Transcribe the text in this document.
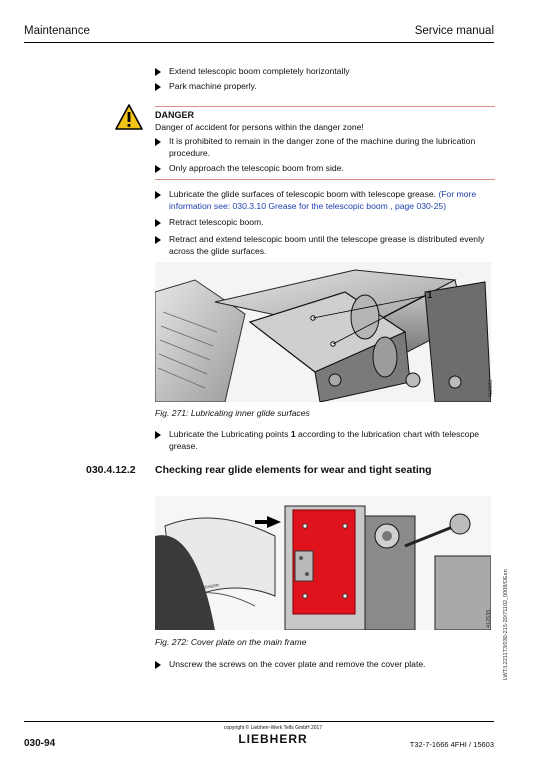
Maintenance	Service manual
Extend telescopic boom completely horizontally
Park machine properly.
DANGER
Danger of accident for persons within the danger zone!
It is prohibited to remain in the danger zone of the machine during the lubrication procedure.
Only approach the telescopic boom from side.
Lubricate the glide surfaces of telescopic boom with telescope grease. (For more information see: 030.3.10 Grease for the telescopic boom , page 030-25)
Retract telescopic boom.
Retract and extend telescopic boom until the telescope grease is distributed evenly across the glide surfaces.
1
412605
Fig. 271: Lubricating inner glide surfaces
Lubricate the Lubricating points 1 according to the lubrication chart with telescope grease.
030.4.12.2 Checking rear glide elements for wear and tight seating
LIEBHERR
412635 LWT/L2211T3/030-215-20/71102_0008/DEen
Fig. 272: Cover plate on the main frame
Unscrew the screws on the cover plate and remove the cover plate.
030-94
copyright © Liebherr-Werk Telfs GmbH 2017
LIEBHERR	T32-7-1666 4FHI / 15603
